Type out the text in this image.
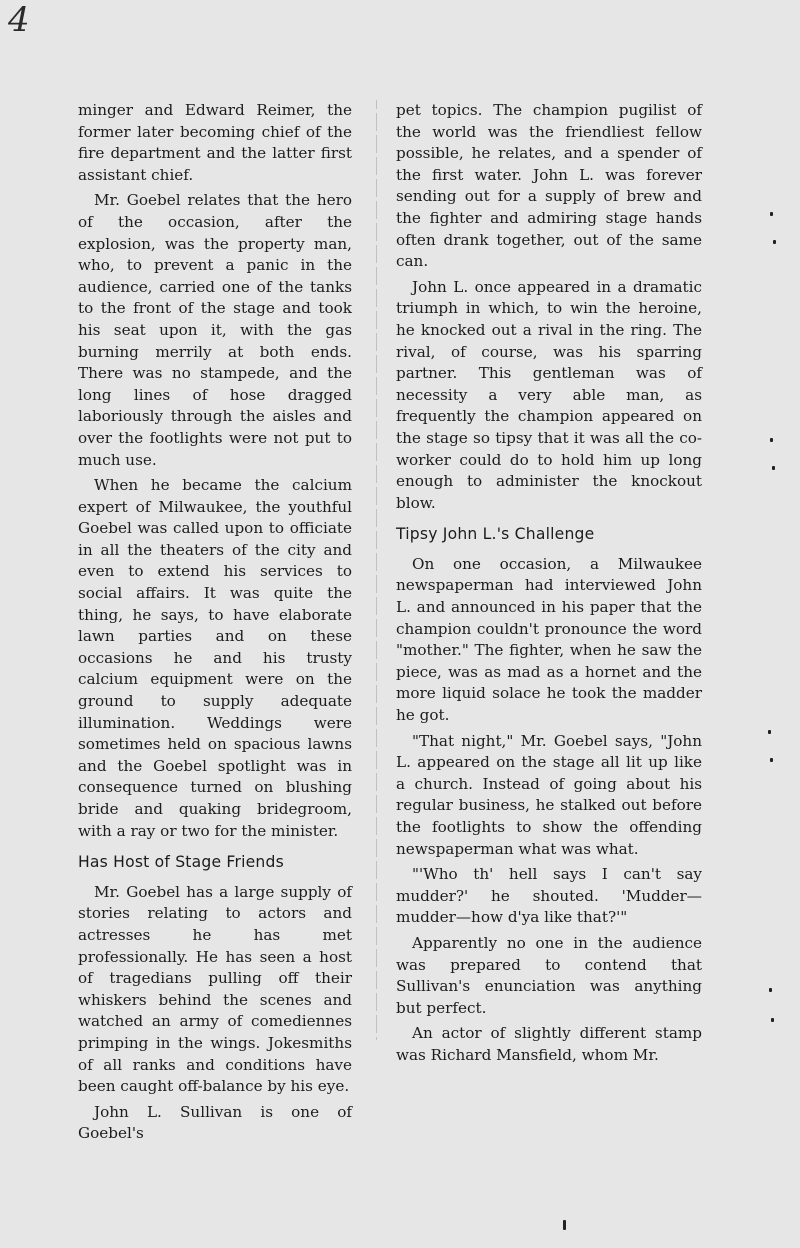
4

minger and Edward Reimer, the former later becoming chief of the fire department and the latter first assistant chief.

Mr. Goebel relates that the hero of the occasion, after the explosion, was the property man, who, to prevent a panic in the audience, carried one of the tanks to the front of the stage and took his seat upon it, with the gas burning merrily at both ends. There was no stampede, and the long lines of hose dragged laboriously through the aisles and over the footlights were not put to much use.

When he became the calcium expert of Milwaukee, the youthful Goebel was called upon to officiate in all the theaters of the city and even to extend his services to social affairs. It was quite the thing, he says, to have elaborate lawn parties and on these occasions he and his trusty calcium equipment were on the ground to supply adequate illumination. Weddings were sometimes held on spacious lawns and the Goebel spotlight was in consequence turned on blushing bride and quaking bridegroom, with a ray or two for the minister.

Has Host of Stage Friends

Mr. Goebel has a large supply of stories relating to actors and actresses he has met professionally. He has seen a host of tragedians pulling off their whiskers behind the scenes and watched an army of comediennes primping in the wings. Jokesmiths of all ranks and conditions have been caught off-balance by his eye.

John L. Sullivan is one of Goebel's

pet topics. The champion pugilist of the world was the friendliest fellow possible, he relates, and a spender of the first water. John L. was forever sending out for a supply of brew and the fighter and admiring stage hands often drank together, out of the same can.

John L. once appeared in a dramatic triumph in which, to win the heroine, he knocked out a rival in the ring. The rival, of course, was his sparring partner. This gentleman was of necessity a very able man, as frequently the champion appeared on the stage so tipsy that it was all the co-worker could do to hold him up long enough to administer the knockout blow.

Tipsy John L.'s Challenge

On one occasion, a Milwaukee newspaperman had interviewed John L. and announced in his paper that the champion couldn't pronounce the word "mother." The fighter, when he saw the piece, was as mad as a hornet and the more liquid solace he took the madder he got.

"That night," Mr. Goebel says, "John L. appeared on the stage all lit up like a church. Instead of going about his regular business, he stalked out before the footlights to show the offending newspaperman what was what.

"'Who th' hell says I can't say mudder?' he shouted. 'Mudder—mudder—how d'ya like that?'"

Apparently no one in the audience was prepared to contend that Sullivan's enunciation was anything but perfect.

An actor of slightly different stamp was Richard Mansfield, whom Mr.
